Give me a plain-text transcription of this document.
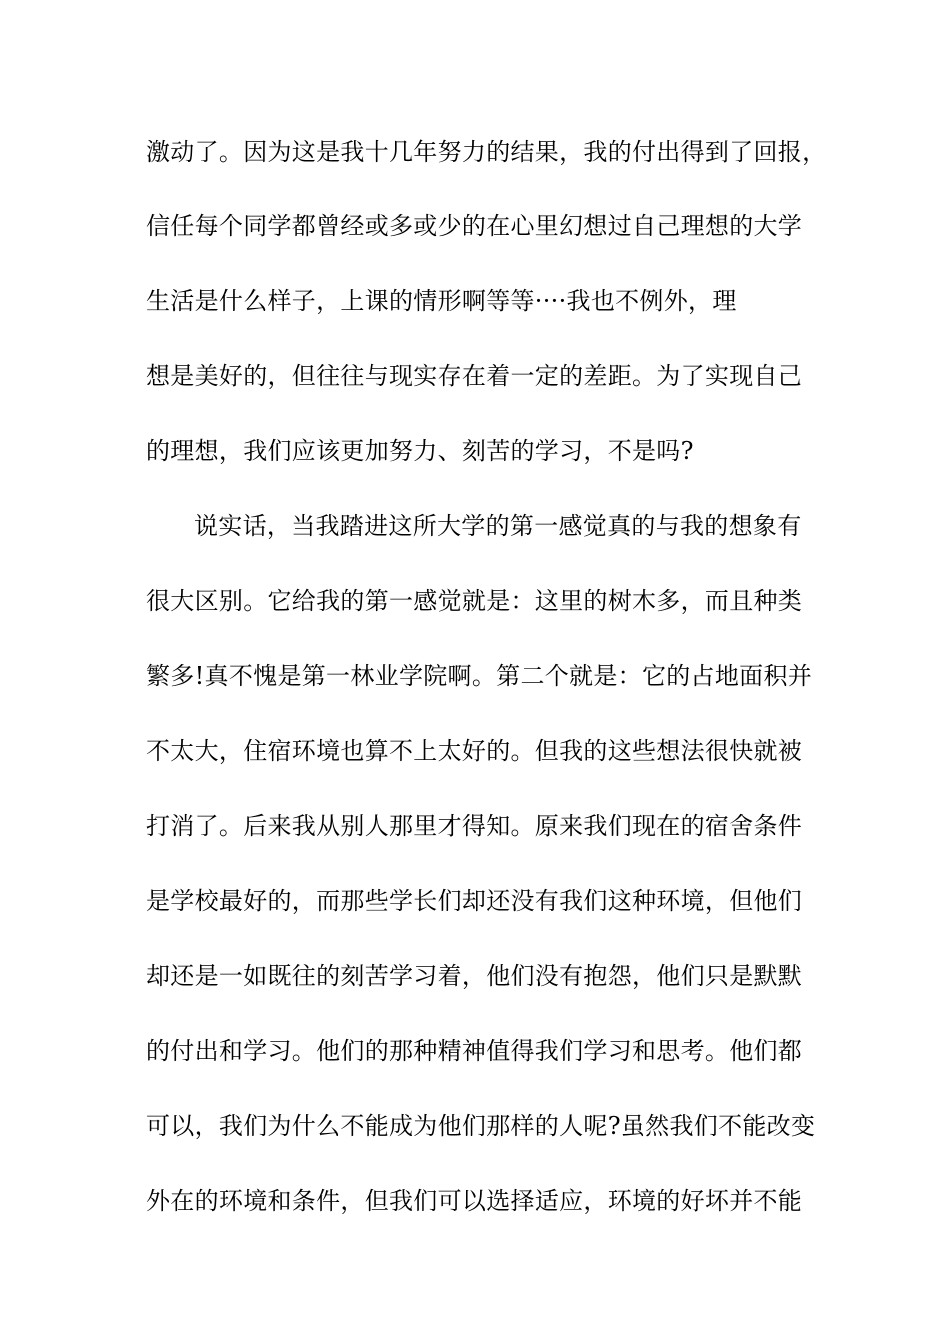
激动了。因为这是我十几年努力的结果，我的付出得到了回报，
信任每个同学都曾经或多或少的在心里幻想过自己理想的大学
生活是什么样子，上课的情形啊等等····我也不例外，理
想是美好的，但往往与现实存在着一定的差距。为了实现自己
的理想，我们应该更加努力、刻苦的学习，不是吗?
说实话，当我踏进这所大学的第一感觉真的与我的想象有
很大区别。它给我的第一感觉就是：这里的树木多，而且种类
繁多!真不愧是第一林业学院啊。第二个就是：它的占地面积并
不太大，住宿环境也算不上太好的。但我的这些想法很快就被
打消了。后来我从别人那里才得知。原来我们现在的宿舍条件
是学校最好的，而那些学长们却还没有我们这种环境，但他们
却还是一如既往的刻苦学习着，他们没有抱怨，他们只是默默
的付出和学习。他们的那种精神值得我们学习和思考。他们都
可以，我们为什么不能成为他们那样的人呢?虽然我们不能改变
外在的环境和条件，但我们可以选择适应，环境的好坏并不能
